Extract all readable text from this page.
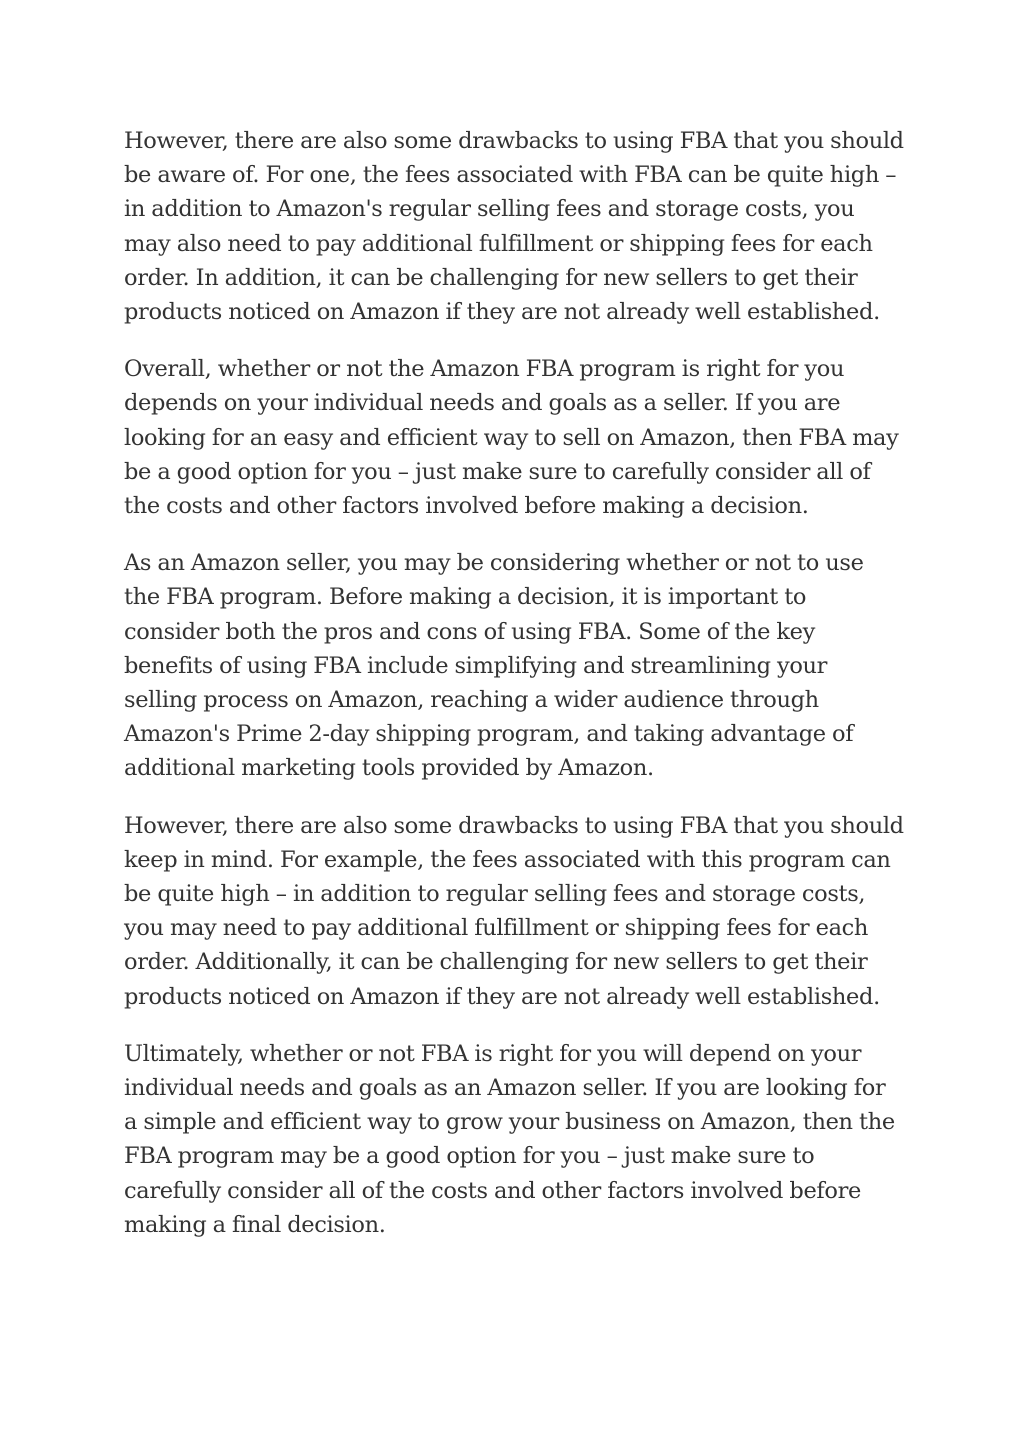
However, there are also some drawbacks to using FBA that you should be aware of. For one, the fees associated with FBA can be quite high – in addition to Amazon's regular selling fees and storage costs, you may also need to pay additional fulfillment or shipping fees for each order. In addition, it can be challenging for new sellers to get their products noticed on Amazon if they are not already well established.

Overall, whether or not the Amazon FBA program is right for you depends on your individual needs and goals as a seller. If you are looking for an easy and efficient way to sell on Amazon, then FBA may be a good option for you – just make sure to carefully consider all of the costs and other factors involved before making a decision.

As an Amazon seller, you may be considering whether or not to use the FBA program. Before making a decision, it is important to consider both the pros and cons of using FBA. Some of the key benefits of using FBA include simplifying and streamlining your selling process on Amazon, reaching a wider audience through Amazon's Prime 2-day shipping program, and taking advantage of additional marketing tools provided by Amazon.

However, there are also some drawbacks to using FBA that you should keep in mind. For example, the fees associated with this program can be quite high – in addition to regular selling fees and storage costs, you may need to pay additional fulfillment or shipping fees for each order. Additionally, it can be challenging for new sellers to get their products noticed on Amazon if they are not already well established.

Ultimately, whether or not FBA is right for you will depend on your individual needs and goals as an Amazon seller. If you are looking for a simple and efficient way to grow your business on Amazon, then the FBA program may be a good option for you – just make sure to carefully consider all of the costs and other factors involved before making a final decision.
